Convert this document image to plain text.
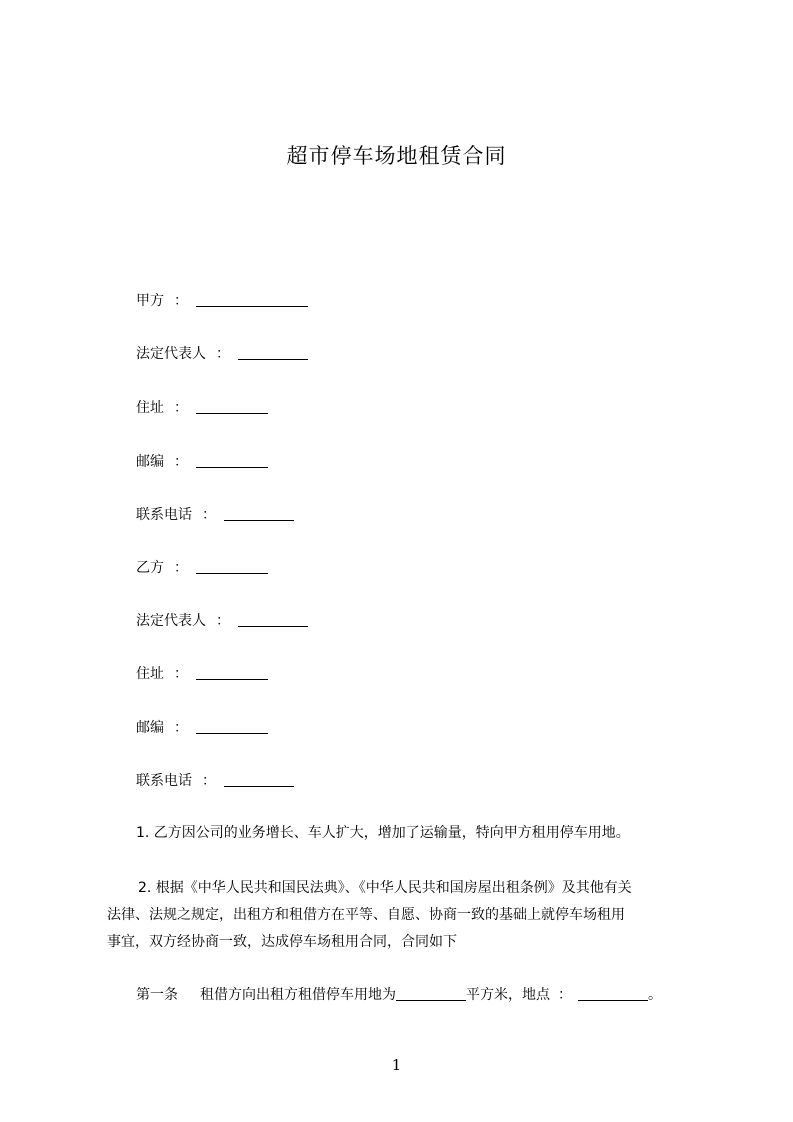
超市停车场地租赁合同
甲方 ：
法定代表人 ：
住址 ：
邮编 ：
联系电话 ：
乙方 ：
法定代表人 ：
住址 ：
邮编 ：
联系电话 ：
1. 乙方因公司的业务增长、车人扩大，增加了运输量，特向甲方租用停车用地。
2. 根据《中华人民共和国民法典》、《中华人民共和国房屋出租条例》及其他有关
法律、法规之规定，出租方和租借方在平等、自愿、协商一致的基础上就停车场租用
事宜，双方经协商一致，达成停车场租用合同，合同如下
第一条 租借方向出租方租借停车用地为	平方米，地点 ：	。
1
